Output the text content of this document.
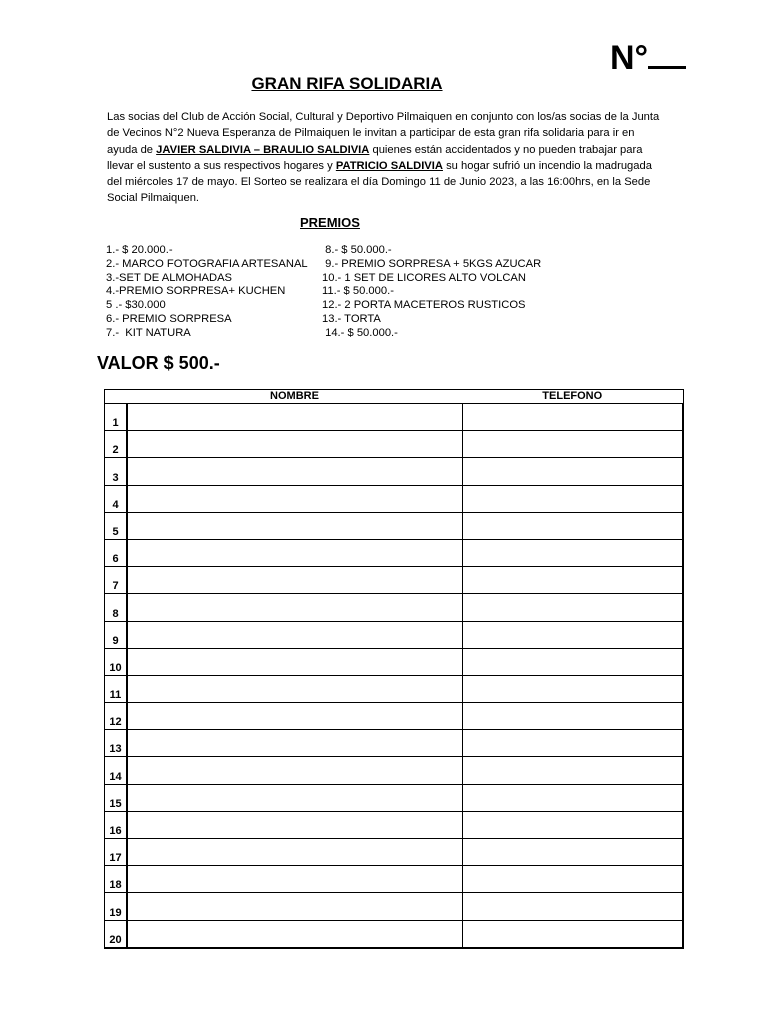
N°
GRAN RIFA SOLIDARIA
Las socias del Club de Acción Social, Cultural y Deportivo Pilmaiquen en conjunto con los/as socias de la Junta de Vecinos N°2 Nueva Esperanza de Pilmaiquen le invitan a participar de esta gran rifa solidaria para ir en ayuda de JAVIER SALDIVIA – BRAULIO SALDIVIA quienes están accidentados y no pueden trabajar para llevar el sustento a sus respectivos hogares y PATRICIO SALDIVIA su hogar sufrió un incendio la madrugada del miércoles 17 de mayo. El Sorteo se realizara el día Domingo 11 de Junio 2023, a las 16:00hrs, en la Sede Social Pilmaiquen.
PREMIOS
1.- $ 20.000.-
2.- MARCO FOTOGRAFIA ARTESANAL
3.-SET DE ALMOHADAS
4.-PREMIO SORPRESA+ KUCHEN
5 .- $30.000
6.- PREMIO SORPRESA
7.-  KIT NATURA
8.- $ 50.000.-
9.- PREMIO SORPRESA + 5KGS AZUCAR
10.- 1 SET DE LICORES ALTO VOLCAN
11.- $ 50.000.-
12.- 2 PORTA MACETEROS RUSTICOS
13.- TORTA
14.- $ 50.000.-
VALOR $ 500.-
	NOMBRE	TELEFONO
1		
2		
3		
4		
5		
6		
7		
8		
9		
10		
11		
12		
13		
14		
15		
16		
17		
18		
19		
20		
